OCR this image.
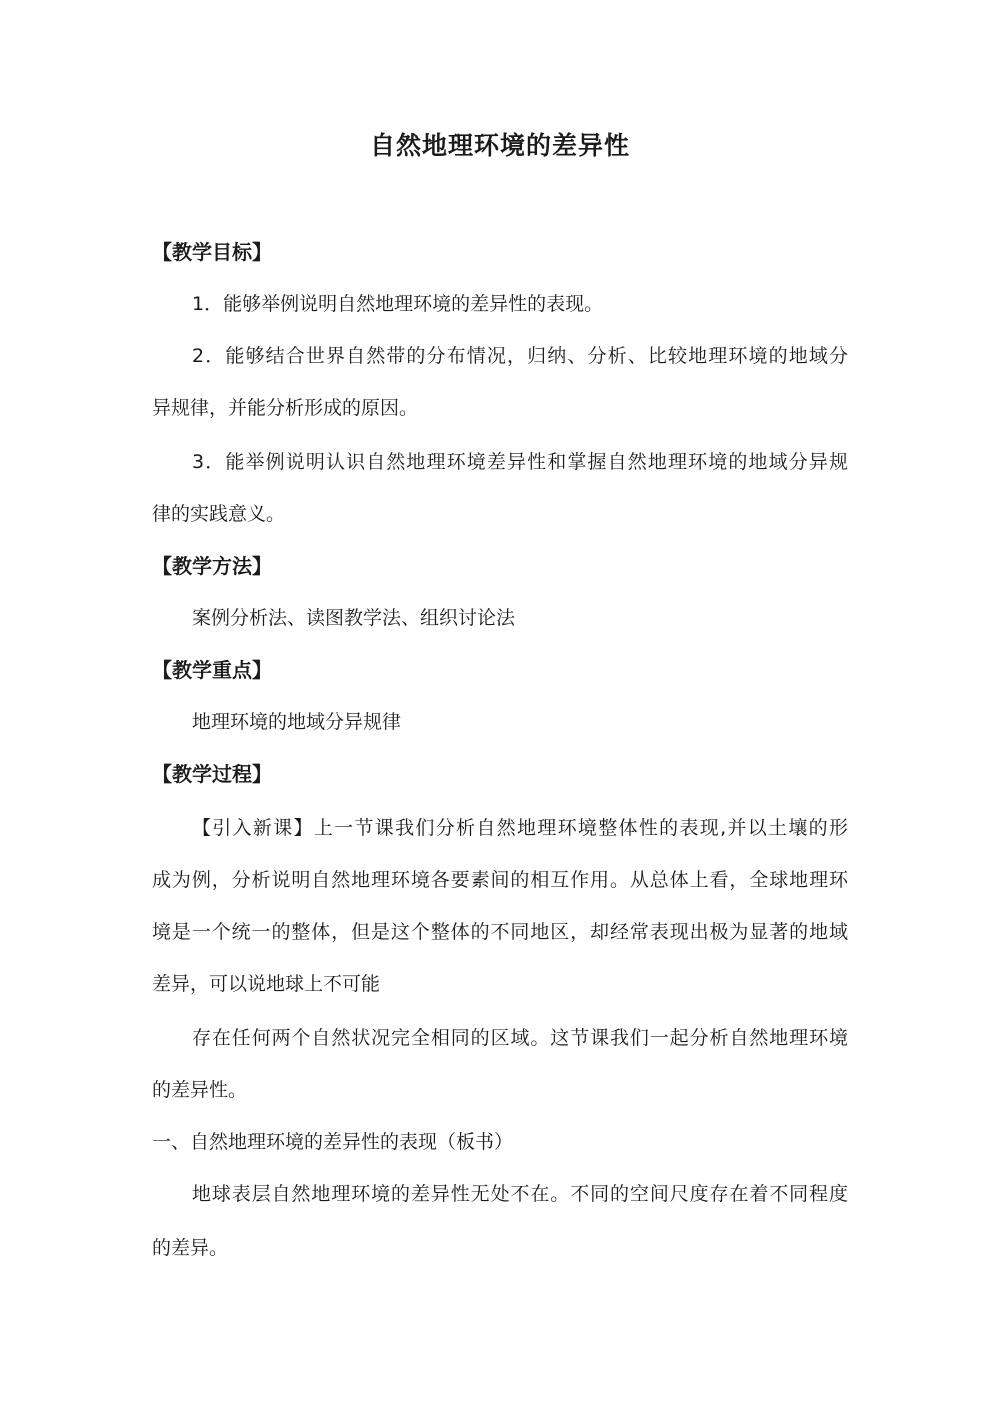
自然地理环境的差异性
【教学目标】
1．能够举例说明自然地理环境的差异性的表现。
2．能够结合世界自然带的分布情况，归纳、分析、比较地理环境的地域分
异规律，并能分析形成的原因。
3．能举例说明认识自然地理环境差异性和掌握自然地理环境的地域分异规
律的实践意义。
【教学方法】
案例分析法、读图教学法、组织讨论法
【教学重点】
地理环境的地域分异规律
【教学过程】
【引入新课】上一节课我们分析自然地理环境整体性的表现,并以土壤的形
成为例，分析说明自然地理环境各要素间的相互作用。从总体上看，全球地理环
境是一个统一的整体，但是这个整体的不同地区，却经常表现出极为显著的地域
差异，可以说地球上不可能
存在任何两个自然状况完全相同的区域。这节课我们一起分析自然地理环境
的差异性。
一、自然地理环境的差异性的表现（板书）
地球表层自然地理环境的差异性无处不在。不同的空间尺度存在着不同程度
的差异。
